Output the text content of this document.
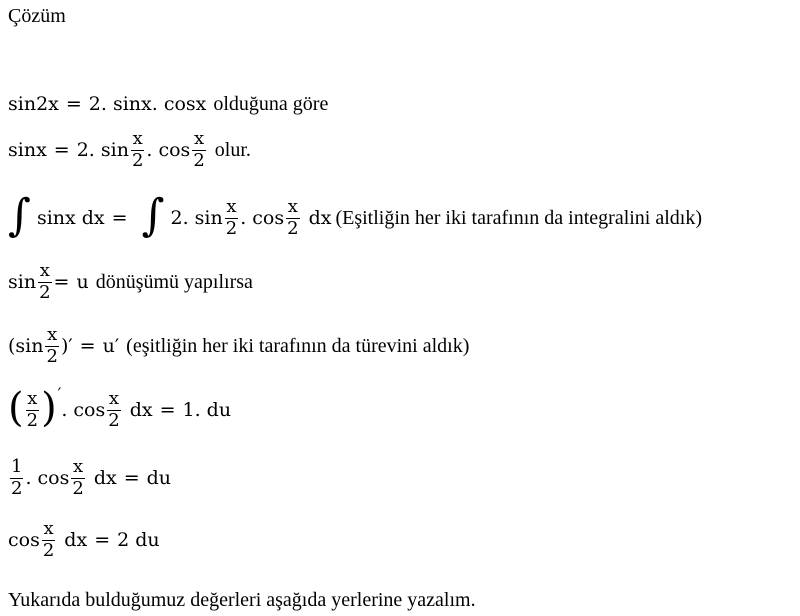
Çözüm
sin2x = 2. sinx. cosx olduğuna göre
sinx = 2. $\sin \frac{x}{2}$ . $\cos \frac{x}{2}$ olur.
∫ sinx dx = ∫ 2. $\sin \frac{x}{2}$ . $\cos \frac{x}{2}$ dx (Eşitliğin her iki tarafının da integralini aldık)
$\sin \frac{x}{2} = u$ dönüşümü yapılırsa
($\sin \frac{x}{2}$ )′ = u′ (eşitliğin her iki tarafının da türevini aldık)
( $\frac{x}{2}$ ) ′
. $\cos \frac{x}{2}$ dx = 1. du
$\frac{1}{2}$ . $\cos \frac{x}{2}$ dx = du
$\cos \frac{x}{2}$ dx = 2 du
Yukarıda bulduğumuz değerleri aşağıda yerlerine yazalım.
